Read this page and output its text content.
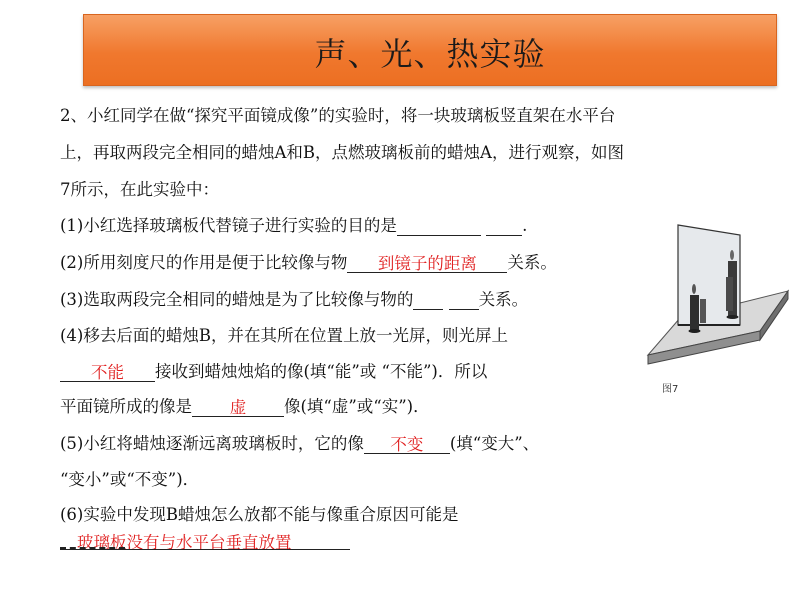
声、光、热实验
2、小红同学在做“探究平面镜成像”的实验时，将一块玻璃板竖直架在水平台
上，再取两段完全相同的蜡烛A和B，点燃玻璃板前的蜡烛A，进行观察，如图
7所示，在此实验中：
(1)小红选择玻璃板代替镜子进行实验的目的是	.
(2)所用刻度尺的作用是便于比较像与物 到镜子的距离 关系。
(3)选取两段完全相同的蜡烛是为了比较像与物的	关系。
(4)移去后面的蜡烛B，并在其所在位置上放一光屏，则光屏上
不能 接收到蜡烛烛焰的像(填“能”或 “不能”)．所以
平面镜所成的像是 虚 像(填“虚”或“实”)．
(5)小红将蜡烛逐渐远离玻璃板时，它的像 不变 (填“变大”、
“变小”或“不变”)．
(6)实验中发现B蜡烛怎么放都不能与像重合原因可能是
玻璃板没有与水平台垂直放置
图7
